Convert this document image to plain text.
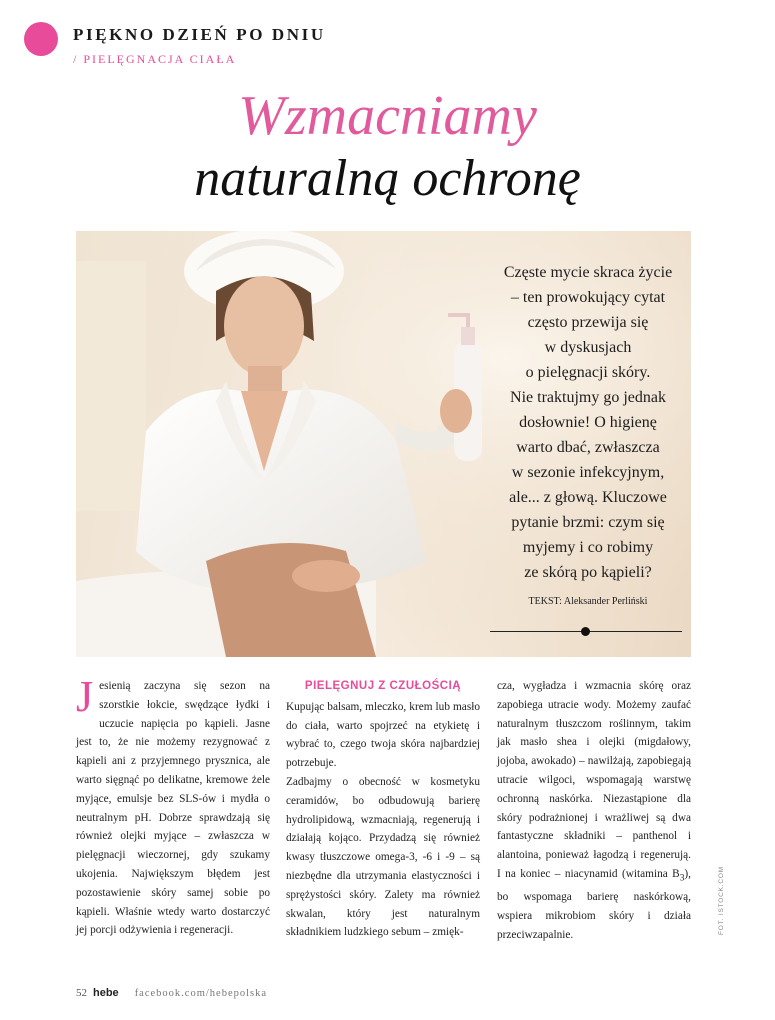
PIĘKNO DZIEŃ PO DNIU
/ PIELĘGNACJA CIAŁA
Wzmacniamy
naturalną ochronę
Częste mycie skraca życie
– ten prowokujący cytat
często przewija się
w dyskusjach
o pielęgnacji skóry.
Nie traktujmy go jednak
dosłownie! O higienę
warto dbać, zwłaszcza
w sezonie infekcyjnym,
ale... z głową. Kluczowe
pytanie brzmi: czym się
myjemy i co robimy
ze skórą po kąpieli?
TEKST: Aleksander Perliński
J esienią zaczyna się sezon na szorstkie łokcie, swędzące łydki i uczucie napięcia po kąpieli. Jasne jest to, że nie możemy rezygnować z kąpieli ani z przyjemnego prysznica, ale warto sięgnąć po delikatne, kremowe żele myjące, emulsje bez SLS-ów i mydła o neutralnym pH. Dobrze sprawdzają się również olejki myjące – zwłaszcza w pielęgnacji wieczornej, gdy szukamy ukojenia. Największym błędem jest pozostawienie skóry samej sobie po kąpieli. Właśnie wtedy warto dostarczyć jej porcji odżywienia i regeneracji.
PIELĘGNUJ Z CZUŁOŚCIĄ

Kupując balsam, mleczko, krem lub masło do ciała, warto spojrzeć na etykietę i wybrać to, czego twoja skóra najbardziej potrzebuje.

Zadbajmy o obecność w kosmetyku ceramidów, bo odbudowują barierę hydrolipidową, wzmacniają, regenerują i działają kojąco. Przydadzą się również kwasy tłuszczowe omega-3, -6 i -9 – są niezbędne dla utrzymania elastyczności i sprężystości skóry. Zalety ma również skwalan, który jest naturalnym składnikiem ludzkiego sebum – zmięk-

cza, wygładza i wzmacnia skórę oraz zapobiega utracie wody. Możemy zaufać naturalnym tłuszczom roślinnym, takim jak masło shea i olejki (migdałowy, jojoba, awokado) – nawilżają, zapobiegają utracie wilgoci, wspomagają warstwę ochronną naskórka. Niezastąpione dla skóry podrażnionej i wrażliwej są dwa fantastyczne składniki – panthenol i alantoina, ponieważ łagodzą i regenerują. I na koniec – niacynamid (witamina $B_3$), bo wspomaga barierę naskórkową, wspiera mikrobiom skóry i działa przeciwzapalnie.	FOT. ISTOCK.COM
52 hebe facebook.com/hebepolska
